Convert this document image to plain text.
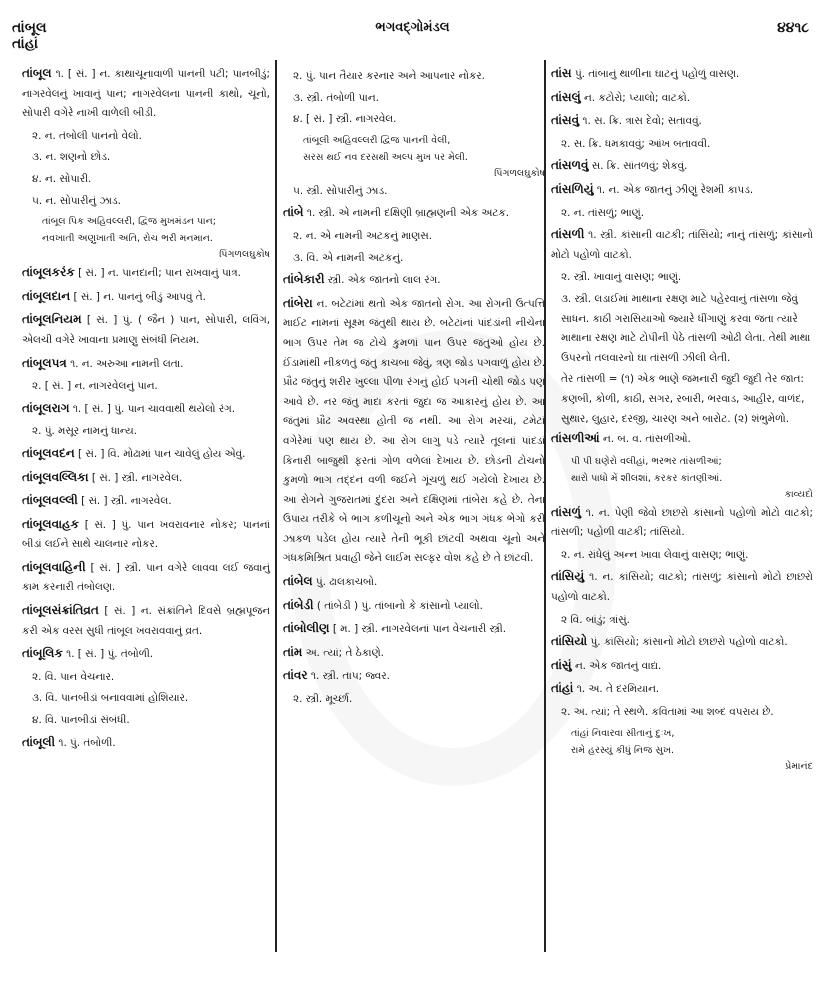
તાંબૂલ
તાંહાં
ભગવદ્ગોમંડલ	૪૪૧૮
તાંબૂલ ૧. [ સં. ] ન. કાથાચૂનાવાળી પાનની પટી; પાનબીડું; નાગરવેલનું ખાવાનું પાન; નાગરવેલના પાનની કાથો, ચૂનો, સોપારી વગેરે નાખી વાળેલી બીડી.
૨. ન. તંબોલી પાનનો વેલો.
૩. ન. શણનો છોડ.
૪. ન. સોપારી.
૫. ન. સોપારીનું ઝાડ.
તાંબૂલ પિક અહિવલ્લરી, દ્વિજ મુખમંડન પાન;
નવખાતી અણુખાતી અતિ, રોચ ભરી મનમાન.
પિંગળલઘુકોષ
તાંબૂલકરંક [ સં. ] ન. પાનદાની; પાન રાખવાનું પાત્ર.
તાંબૂલદાન [ સં. ] ન. પાનનું બીડું આપવું તે.
તાંબૂલનિયમ [ સં. ] પું. ( જૈન ) પાન, સોપારી, લવિંગ, એલચી વગેરે ખાવાના પ્રમાણુ સંબંધી નિયમ.
તાંબૂલપત્ર ૧. ન. અરુઆ નામની લતા.
૨. [ સં. ] ન. નાગરવેલનું પાન.
તાંબૂલરાગ ૧. [ સં. ] પું. પાન ચાવવાથી થયેલો રંગ.
૨. પું. મસૂર નામનું ધાન્ય.
તાંબૂલવદન [ સં. ] વિ. મોઢામાં પાન ચાવેલું હોય એવું.
તાંબૂલવલ્લિકા [ સં. ] સ્ત્રી. નાગરવેલ.
તાંબૂલવલ્લી [ સં. ] સ્ત્રી. નાગરવેલ.
તાંબૂલવાહક [ સં. ] પું. પાન ખવરાવનાર નોકર; પાનનાં બીડાં લઈને સાથે ચાલનાર નોકર.
તાંબૂલવાહિની [ સં. ] સ્ત્રી. પાન વગેરે લાવવા લઈ જવાનું કામ કરનારી તંબોલણ.
તાંબૂલસંક્રાંતિવ્રત [ સં. ] ન. સંક્રાંતિને દિવસે બ્રહ્મપૂજન કરી એક વરસ સુધી તાંબૂલ ખવરાવવાનું વ્રત.
તાંબૂલિક ૧. [ સં. ] પું. તંબોળી.
૨. વિ. પાન વેચનાર.
૩. વિ. પાનબીડાં બનાવવામાં હોશિયાર.
૪. વિ. પાનબીડાં સંબંધી.
તાંબૂલી ૧. પું. તંબોળી.
૨. પું. પાન તૈયાર કરનાર અને આપનાર નોકર.
૩. સ્ત્રી. તંબોળી પાન.
૪. [ સં. ] સ્ત્રી. નાગરવેલ.
તાંબૂલી અહિવલ્લરી દ્વિજ પાનની વેલી,
સરસ થઈ નવ દરસથી અલ્પ મુખ પર મેલી.
પિંગળલઘુકોષ
૫. સ્ત્રી. સોપારીનું ઝાડ.
તાંબે ૧. સ્ત્રી. એ નામની દક્ષિણી બ્રાહ્મણની એક અટક.
૨. ન. એ નામની અટકનું માણસ.
૩. વિ. એ નામની અટકનું.
તાંબેકારી સ્ત્રી. એક જાતનો લાલ રંગ.
તાંબેરા ન. બટેટાંમાં થતો એક જાતનો રોગ. આ રોગની ઉત્પત્તિ માઈટ નામનાં સૂક્ષ્મ જંતુથી થાય છે. બટેટાંનાં પાંદડાંની નીચેના ભાગ ઉપર તેમ જ ટોચે કુમળાં પાન ઉપર જંતુઓ હોય છે. ઈંડામાંથી નીકળતું જંતુ કાચબા જેવું, ત્રણ જોડ પગવાળું હોય છે. પ્રૌઢ જંતુનું શરીર ખુલ્લા પીળા રંગનું હોઈ પગની ચોથી જોડ પણ આવે છે. નર જંતુ માદા કરતાં જુદા જ આકારનું હોય છે. આ જંતુમાં પ્રૌઢ અવસ્થા હોતી જ નથી. આ રોગ મરચાં, ટમેટાં વગેરેમાં પણ થાય છે. આ રોગ લાગુ પડે ત્યારે તૂલનાં પાંદડાં કિનારી બાજુથી ફરતાં ગોળ વળેલાં દેખાય છે. છોડની ટોચનો કુમળો ભાગ તદ્દન વળી જઈને ગૂંચળું થઈ ગયેલો દેખાય છે. આ રોગને ગુજરાતમાં દુંદરા અને દક્ષિણમાં તાંબેરા કહે છે. તેના ઉપાય તરીકે બે ભાગ કળીચૂનો અને એક ભાગ ગંધક ભેગો કરી ઝાકળ પડેલ હોય ત્યારે તેની ભૂકી છાંટવી અથવા ચૂનો અને ગંધકમિશ્રિત પ્રવાહી જેને લાઈમ સલ્ફર વોશ કહે છે તે છાંટવી.
તાંબેલ પું. ઢાલકાચબો.
તાંબેડી ( તાંબેડી ) પું. તાંબાનો કે કાંસાનો પ્યાલો.
તાંબોલીણ [ મ. ] સ્ત્રી. નાગરવેલનાં પાન વેચનારી સ્ત્રી.
તાંમ અ. ત્યાં; તે ઠેકાણે.
તાંવર ૧. સ્ત્રી. તાપ; જ્વર.
૨. સ્ત્રી. મૂર્ચ્છા.
તાંસ પું. તાંબાનું થાળીના ઘાટનું પહોળું વાસણ.
તાંસલું ન. કટોરો; પ્યાલો; વાટકો.
તાંસવું ૧. સ. ક્રિ. ત્રાસ દેવો; સતાવવું.
૨. સ. ક્રિ. ધમકાવવું; આંખ બતાવવી.
તાંસળવું સ. ક્રિ. સાંતળવું; શેકવું.
તાંસળિયું ૧. ન. એક જાતનું ઝીણું રેશમી કાપડ.
૨. ન. તાંસળું; ભાણું.
તાંસળી ૧. સ્ત્રી. કાંસાની વાટકી; તાંસિયો; નાનું તાંસળું; કાંસાનો મોટો પહોળો વાટકો.
૨. સ્ત્રી. ખાવાનું વાસણ; ભાણું.
૩. સ્ત્રી. લડાઈમાં માથાના રક્ષણ માટે પહેરવાનું તાંસળા જેવું સાધન. કાઠી ગરાસિયાઓ જ્યારે ધીંગાણું કરવા જતા ત્યારે માથાના રક્ષણ માટે ટોપીની પેઠે તાંસળી ઓઢી લેતા. તેથી માથા ઉપરનો તલવારનો ઘા તાંસળી ઝીલી લેતી.
તેર તાંસળી = (૧) એક ભાણે જમનારી જુદી જુદી તેર જાત: કણબી, કોળી, કાઠી, સગર, રબારી, ભરવાડ, આહીર, વાળંદ, સુથાર, લુહાર, દરજી, ચારણ અને બારોટ. (૨) શંભુમેળો.
તાંસળીઆં ન. બ. વ. તાંસળીઓ.
પી પી ઘણેરો વલીહાં, ભરભર તાંસળીઆં;
થારો પાધો મેં શીલશાં, કરકર કાંતણીઆં.
કાવ્યદો
તાંસળું ૧. ન. પેણી જેવો છાછરો કાંસાનો પહોળો મોટો વાટકો; તાંસળી; પહોળી વાટકી; તાંસિયો.
૨. ન. રાંધેલું અન્ન ખાવા લેવાનું વાસણ; ભાણું.
તાંસિયું ૧. ન. કાંસિયો; વાટકો; તાંસળું; કાંસાનો મોટો છાછરો પહોળો વાટકો.
૨ વિ. બાંડું; ત્રાંસું.
તાંસિયો પું. કાંસિયો; કાંસાનો મોટો છાછરો પહોળો વાટકો.
તાંસું ન. એક જાતનું વાદ્ય.
તાંહાં ૧. અ. તે દરમિયાન.
૨. અ. ત્યાં; તે સ્થળે. કવિતામાં આ શબ્દ વપરાય છે.
તાંહાં નિવારવા સીતાનું દુઃખ,
રામે હરસ્યું કીધું નિજ સુખ.
પ્રેમાનંદ
